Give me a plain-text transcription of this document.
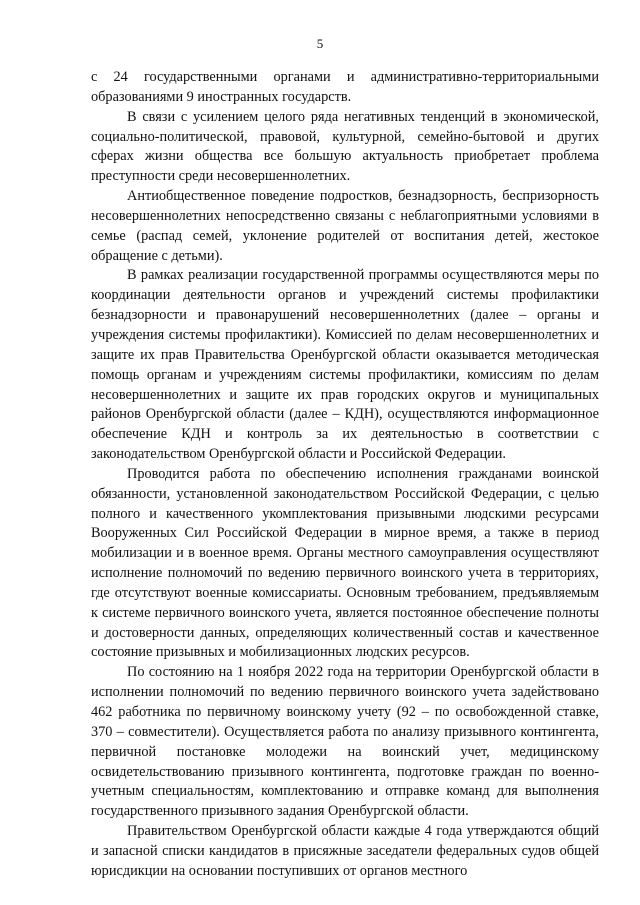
5

с 24 государственными органами и административно-территориальными образованиями 9 иностранных государств.

В связи с усилением целого ряда негативных тенденций в экономической, социально-политической, правовой, культурной, семейно-бытовой и других сферах жизни общества все большую актуальность приобретает проблема преступности среди несовершеннолетних.

Антиобщественное поведение подростков, безнадзорность, беспризорность несовершеннолетних непосредственно связаны с неблагоприятными условиями в семье (распад семей, уклонение родителей от воспитания детей, жестокое обращение с детьми).

В рамках реализации государственной программы осуществляются меры по координации деятельности органов и учреждений системы профилактики безнадзорности и правонарушений несовершеннолетних (далее – органы и учреждения системы профилактики). Комиссией по делам несовершеннолетних и защите их прав Правительства Оренбургской области оказывается методическая помощь органам и учреждениям системы профилактики, комиссиям по делам несовершеннолетних и защите их прав городских округов и муниципальных районов Оренбургской области (далее – КДН), осуществляются информационное обеспечение КДН и контроль за их деятельностью в соответствии с законодательством Оренбургской области и Российской Федерации.

Проводится работа по обеспечению исполнения гражданами воинской обязанности, установленной законодательством Российской Федерации, с целью полного и качественного укомплектования призывными людскими ресурсами Вооруженных Сил Российской Федерации в мирное время, а также в период мобилизации и в военное время. Органы местного самоуправления осуществляют исполнение полномочий по ведению первичного воинского учета в территориях, где отсутствуют военные комиссариаты. Основным требованием, предъявляемым к системе первичного воинского учета, является постоянное обеспечение полноты и достоверности данных, определяющих количественный состав и качественное состояние призывных и мобилизационных людских ресурсов.

По состоянию на 1 ноября 2022 года на территории Оренбургской области в исполнении полномочий по ведению первичного воинского учета задействовано 462 работника по первичному воинскому учету (92 – по освобожденной ставке, 370 – совместители). Осуществляется работа по анализу призывного контингента, первичной постановке молодежи на воинский учет, медицинскому освидетельствованию призывного контингента, подготовке граждан по военно-учетным специальностям, комплектованию и отправке команд для выполнения государственного призывного задания Оренбургской области.

Правительством Оренбургской области каждые 4 года утверждаются общий и запасной списки кандидатов в присяжные заседатели федеральных судов общей юрисдикции на основании поступивших от органов местного
